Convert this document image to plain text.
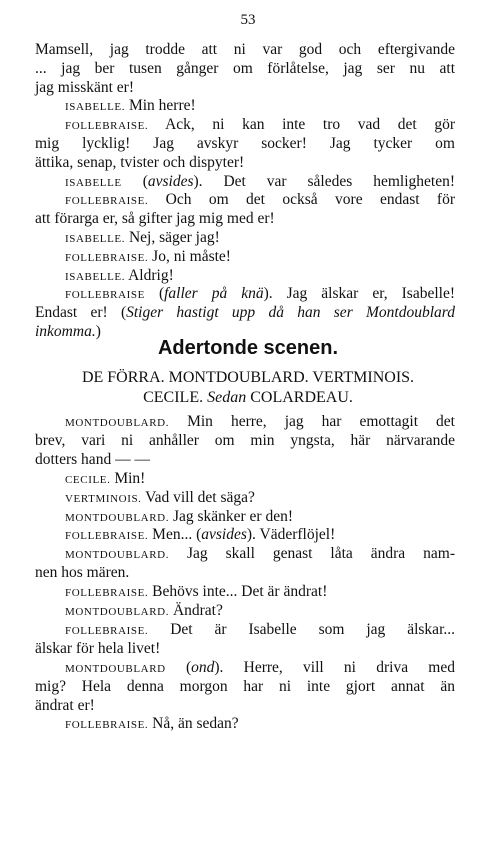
53
Mamsell, jag trodde att ni var god och eftergivande
... jag ber tusen gånger om förlåtelse, jag ser nu att
jag misskänt er!
ISABELLE. Min herre!
FOLLEBRAISE. Ack, ni kan inte tro vad det gör
mig lycklig! Jag avskyr socker! Jag tycker om
ättika, senap, tvister och dispyter!
ISABELLE (avsides). Det var således hemligheten!
FOLLEBRAISE. Och om det också vore endast för
att förarga er, så gifter jag mig med er!
ISABELLE. Nej, säger jag!
FOLLEBRAISE. Jo, ni måste!
ISABELLE. Aldrig!
FOLLEBRAISE (faller på knä). Jag älskar er, Isabelle!
Endast er! (Stiger hastigt upp då han ser Montdoublard
inkomma.)
Adertonde scenen.
DE FÖRRA. MONTDOUBLARD. VERTMINOIS.
CECILE. Sedan COLARDEAU.
MONTDOUBLARD. Min herre, jag har emottagit det
brev, vari ni anhåller om min yngsta, här närvarande
dotters hand — —
CECILE. Min!
VERTMINOIS. Vad vill det säga?
MONTDOUBLARD. Jag skänker er den!
FOLLEBRAISE. Men... (avsides). Väderflöjel!
MONTDOUBLARD. Jag skall genast låta ändra nam-
nen hos mären.
FOLLEBRAISE. Behövs inte... Det är ändrat!
MONTDOUBLARD. Ändrat?
FOLLEBRAISE. Det är Isabelle som jag älskar...
älskar för hela livet!
MONTDOUBLARD (ond). Herre, vill ni driva med
mig? Hela denna morgon har ni inte gjort annat än
ändrat er!
FOLLEBRAISE. Nå, än sedan?
